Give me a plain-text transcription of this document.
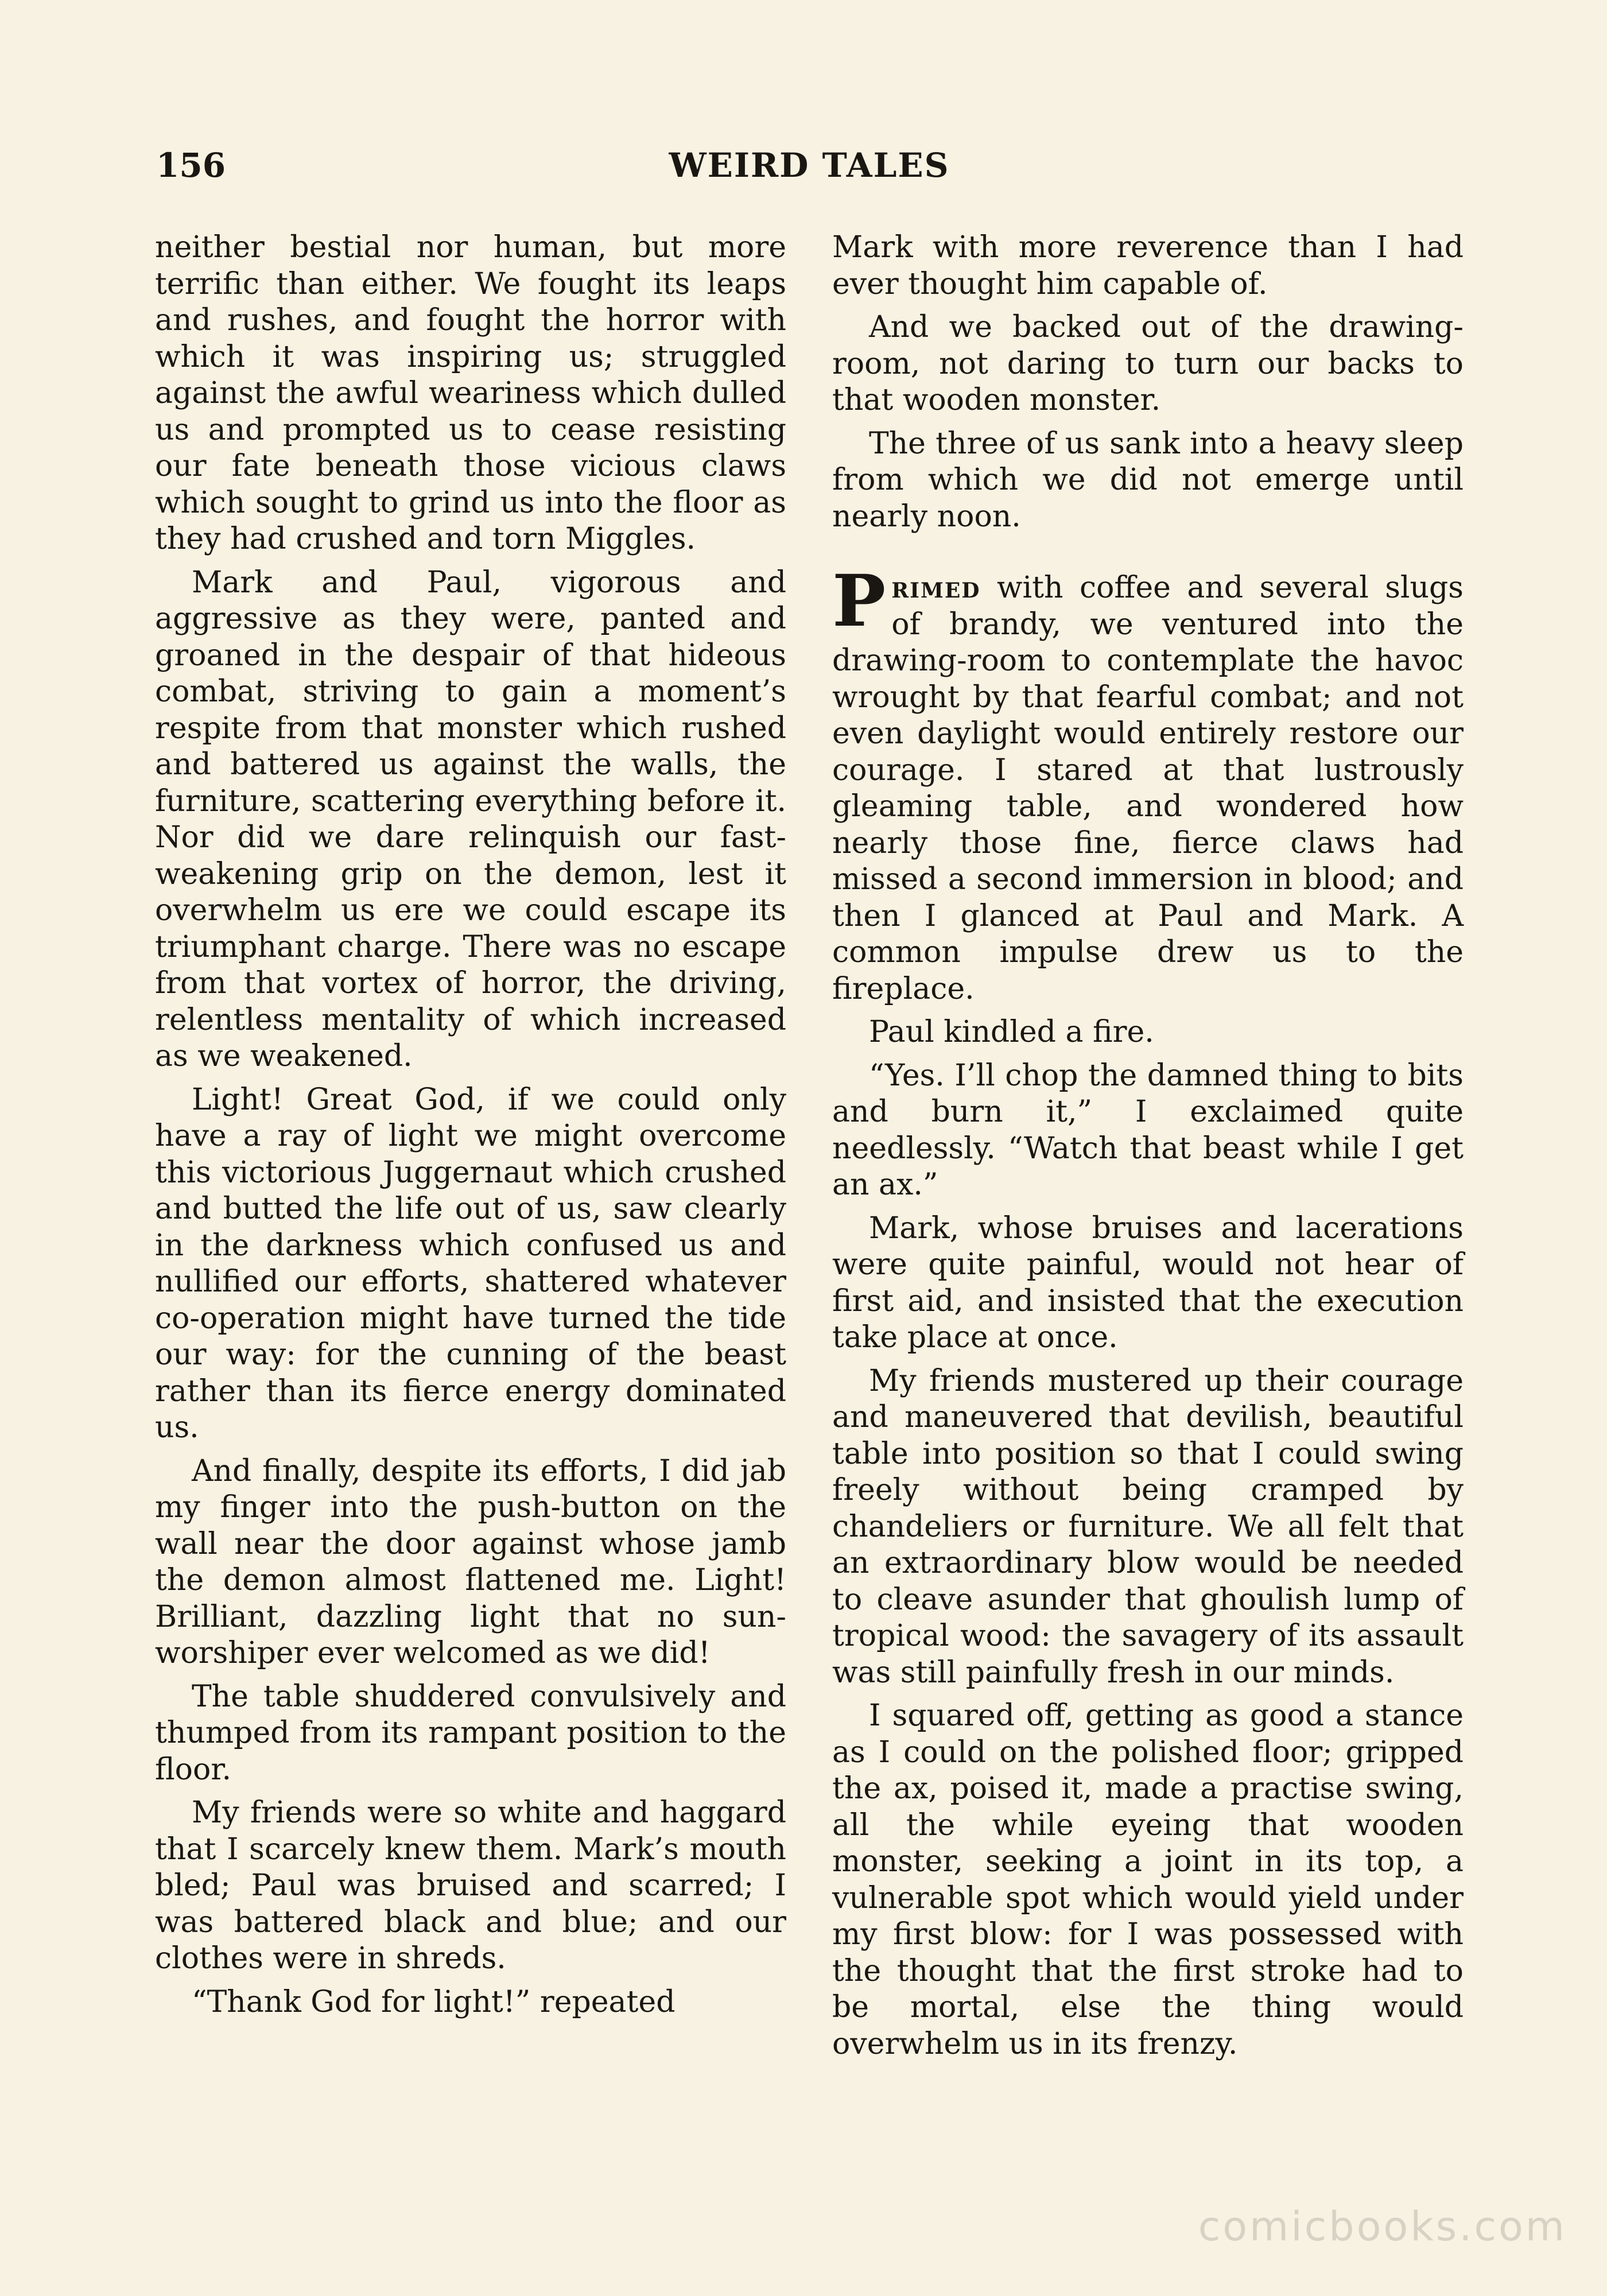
156	WEIRD TALES

neither bestial nor human, but more terrific than either. We fought its leaps and rushes, and fought the horror with which it was inspiring us; struggled against the awful weariness which dulled us and prompted us to cease resisting our fate beneath those vicious claws which sought to grind us into the floor as they had crushed and torn Miggles.

Mark and Paul, vigorous and aggressive as they were, panted and groaned in the despair of that hideous combat, striving to gain a moment’s respite from that monster which rushed and battered us against the walls, the furniture, scattering everything before it. Nor did we dare relinquish our fast-weakening grip on the demon, lest it overwhelm us ere we could escape its triumphant charge. There was no escape from that vortex of horror, the driving, relentless mentality of which increased as we weakened.

Light! Great God, if we could only have a ray of light we might overcome this victorious Juggernaut which crushed and butted the life out of us, saw clearly in the darkness which confused us and nullified our efforts, shattered whatever co-operation might have turned the tide our way: for the cunning of the beast rather than its fierce energy dominated us.

And finally, despite its efforts, I did jab my finger into the push-button on the wall near the door against whose jamb the demon almost flattened me. Light! Brilliant, dazzling light that no sun-worshiper ever welcomed as we did!

The table shuddered convulsively and thumped from its rampant position to the floor.

My friends were so white and haggard that I scarcely knew them. Mark’s mouth bled; Paul was bruised and scarred; I was battered black and blue; and our clothes were in shreds.

“Thank God for light!” repeated

Mark with more reverence than I had ever thought him capable of.

And we backed out of the drawing-room, not daring to turn our backs to that wooden monster.

The three of us sank into a heavy sleep from which we did not emerge until nearly noon.

Primed with coffee and several slugs of brandy, we ventured into the drawing-room to contemplate the havoc wrought by that fearful combat; and not even daylight would entirely restore our courage. I stared at that lustrously gleaming table, and wondered how nearly those fine, fierce claws had missed a second immersion in blood; and then I glanced at Paul and Mark. A common impulse drew us to the fireplace.

Paul kindled a fire.

“Yes. I’ll chop the damned thing to bits and burn it,” I exclaimed quite needlessly. “Watch that beast while I get an ax.”

Mark, whose bruises and lacerations were quite painful, would not hear of first aid, and insisted that the execution take place at once.

My friends mustered up their courage and maneuvered that devilish, beautiful table into position so that I could swing freely without being cramped by chandeliers or furniture. We all felt that an extraordinary blow would be needed to cleave asunder that ghoulish lump of tropical wood: the savagery of its assault was still painfully fresh in our minds.

I squared off, getting as good a stance as I could on the polished floor; gripped the ax, poised it, made a practise swing, all the while eyeing that wooden monster, seeking a joint in its top, a vulnerable spot which would yield under my first blow: for I was possessed with the thought that the first stroke had to be mortal, else the thing would overwhelm us in its frenzy.

comicbooks.com
